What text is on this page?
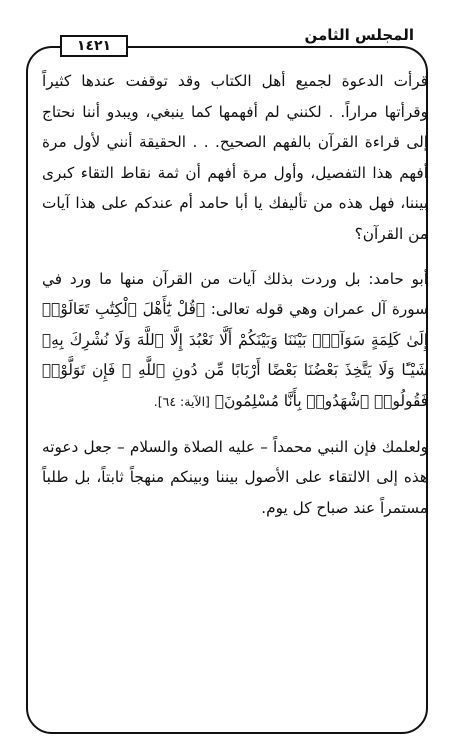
المجلس الثامن
١٤٢١

قرأت الدعوة لجميع أهل الكتاب وقد توقفت عندها كثيراً وقرأتها مراراً. . لكنني لم أفهمها كما ينبغي، ويبدو أننا نحتاج إلى قراءة القرآن بالفهم الصحيح. . . الحقيقة أنني لأول مرة أفهم هذا التفصيل، وأول مرة أفهم أن ثمة نقاط التقاء كبرى بيننا، فهل هذه من تأليفك يا أبا حامد أم عندكم على هذا آيات من القرآن؟

أبو حامد: بل وردت بذلك آيات من القرآن منها ما ورد في سورة آل عمران وهي قوله تعالى: ﴿قُلْ يَٰٓأَهْلَ ٱلْكِتَٰبِ تَعَالَوْا۟ إِلَىٰ كَلِمَةٍ سَوَآءٍۭ بَيْنَنَا وَبَيْنَكُمْ أَلَّا نَعْبُدَ إِلَّا ٱللَّهَ وَلَا نُشْرِكَ بِهِۦ شَيْـًٔا وَلَا يَتَّخِذَ بَعْضُنَا بَعْضًا أَرْبَابًا مِّن دُونِ ٱللَّهِ ۚ فَإِن تَوَلَّوْا۟ فَقُولُوا۟ ٱشْهَدُوا۟ بِأَنَّا مُسْلِمُونَ﴾ [الآية: ٦٤].

ولعلمك فإن النبي محمداً – عليه الصلاة والسلام – جعل دعوته هذه إلى الالتقاء على الأصول بيننا وبينكم منهجاً ثابتاً، بل طلباً مستمراً عند صباح كل يوم.
